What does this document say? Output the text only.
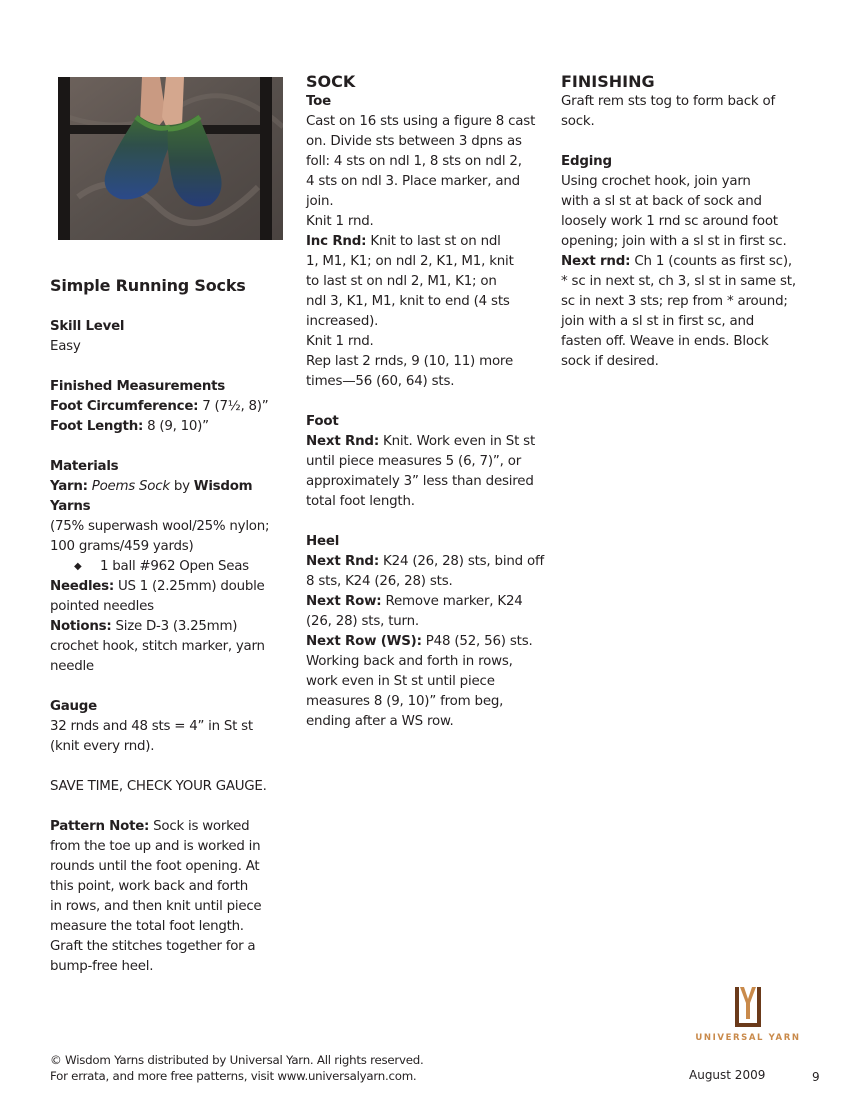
Simple Running Socks
Skill Level
Easy
Finished Measurements
Foot Circumference: 7 (7½, 8)”
Foot Length: 8 (9, 10)”
Materials
Yarn: Poems Sock by Wisdom Yarns
(75% superwash wool/25% nylon;
100 grams/459 yards)
◆ 1 ball #962 Open Seas
Needles: US 1 (2.25mm) double
pointed needles
Notions: Size D-3 (3.25mm)
crochet hook, stitch marker, yarn
needle
Gauge
32 rnds and 48 sts = 4” in St st
(knit every rnd).
SAVE TIME, CHECK YOUR GAUGE.
Pattern Note: Sock is worked
from the toe up and is worked in
rounds until the foot opening. At
this point, work back and forth
in rows, and then knit until piece
measure the total foot length.
Graft the stitches together for a
bump-free heel.
SOCK
Toe
Cast on 16 sts using a figure 8 cast
on. Divide sts between 3 dpns as
foll: 4 sts on ndl 1, 8 sts on ndl 2,
4 sts on ndl 3. Place marker, and
join.
Knit 1 rnd.
Inc Rnd: Knit to last st on ndl
1, M1, K1; on ndl 2, K1, M1, knit
to last st on ndl 2, M1, K1; on
ndl 3, K1, M1, knit to end (4 sts
increased).
Knit 1 rnd.
Rep last 2 rnds, 9 (10, 11) more
times—56 (60, 64) sts.
Foot
Next Rnd: Knit. Work even in St st
until piece measures 5 (6, 7)”, or
approximately 3” less than desired
total foot length.
Heel
Next Rnd: K24 (26, 28) sts, bind off
8 sts, K24 (26, 28) sts.
Next Row: Remove marker, K24
(26, 28) sts, turn.
Next Row (WS): P48 (52, 56) sts.
Working back and forth in rows,
work even in St st until piece
measures 8 (9, 10)” from beg,
ending after a WS row.
FINISHING
Graft rem sts tog to form back of
sock.
Edging
Using crochet hook, join yarn
with a sl st at back of sock and
loosely work 1 rnd sc around foot
opening; join with a sl st in first sc.
Next rnd: Ch 1 (counts as first sc),
* sc in next st, ch 3, sl st in same st,
sc in next 3 sts; rep from * around;
join with a sl st in first sc, and
fasten off. Weave in ends. Block
sock if desired.
UNIVERSAL YARN
© Wisdom Yarns distributed by Universal Yarn. All rights reserved.
For errata, and more free patterns, visit www.universalyarn.com.	August 2009	9
